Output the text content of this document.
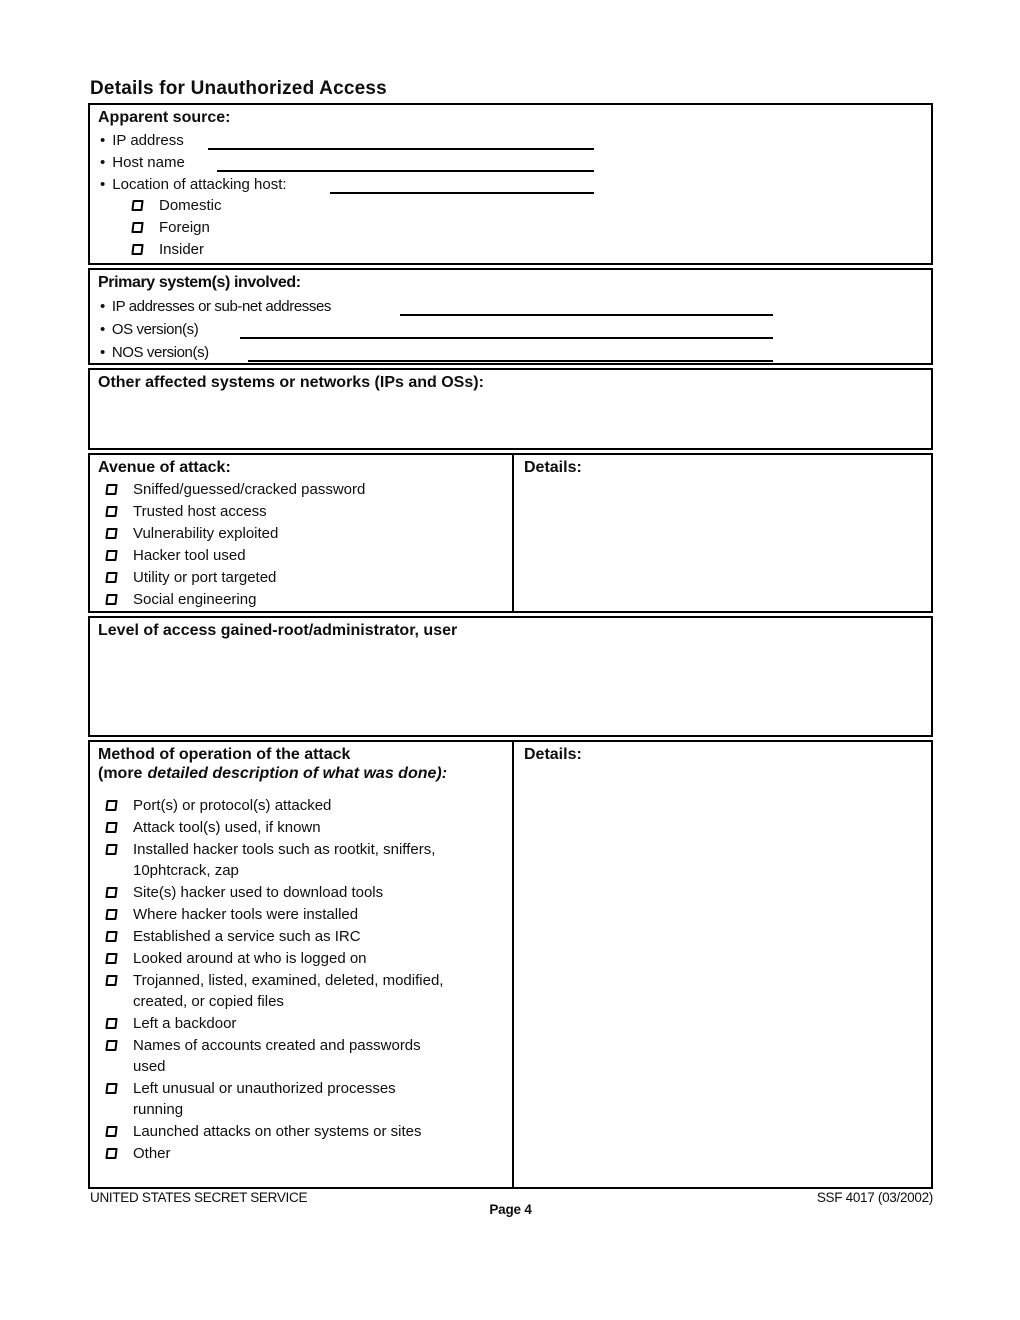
Details for Unauthorized Access
Apparent source:
• IP address
• Host name
• Location of attacking host:
Domestic
Foreign
Insider
Primary system(s) involved:
• IP addresses or sub-net addresses
• OS version(s)
• NOS version(s)
Other affected systems or networks (IPs and OSs):
Avenue of attack:
Sniffed/guessed/cracked password
Trusted host access
Vulnerability exploited
Hacker tool used
Utility or port targeted
Social engineering
Details:
Level of access gained-root/administrator, user
Method of operation of the attack
(more detailed description of what was done):
Port(s) or protocol(s) attacked
Attack tool(s) used, if known
Installed hacker tools such as rootkit, sniffers, 10phtcrack, zap
Site(s) hacker used to download tools
Where hacker tools were installed
Established a service such as IRC
Looked around at who is logged on
Trojanned, listed, examined, deleted, modified, created, or copied files
Left a backdoor
Names of accounts created and passwords used
Left unusual or unauthorized processes running
Launched attacks on other systems or sites
Other
Details:
UNITED STATES SECRET SERVICE	SSF 4017 (03/2002)
Page 4
